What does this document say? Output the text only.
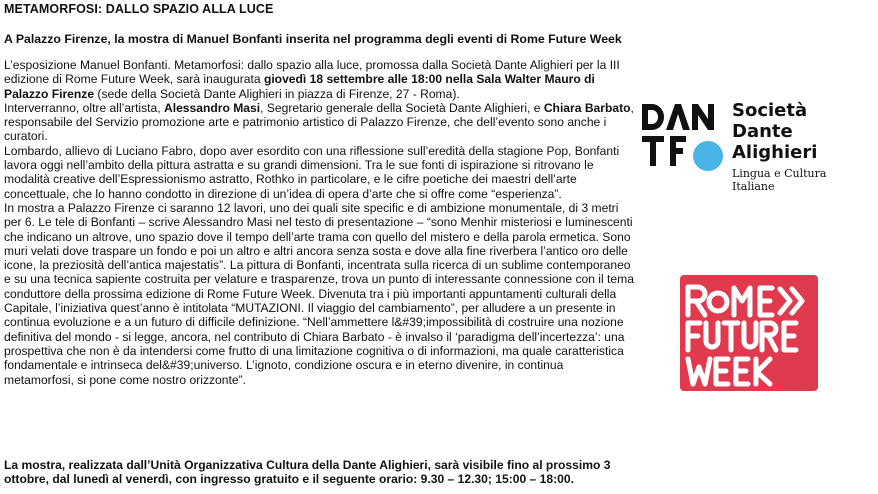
METAMORFOSI: DALLO SPAZIO ALLA LUCE
A Palazzo Firenze, la mostra di Manuel Bonfanti inserita nel programma degli eventi di Rome Future Week

L’esposizione Manuel Bonfanti. Metamorfosi: dallo spazio alla luce, promossa dalla Società Dante Alighieri per la III edizione di Rome Future Week, sarà inaugurata giovedì 18 settembre alle 18:00 nella Sala Walter Mauro di Palazzo Firenze (sede della Società Dante Alighieri in piazza di Firenze, 27 - Roma).

Interverranno, oltre all’artista, Alessandro Masi, Segretario generale della Società Dante Alighieri, e Chiara Barbato, responsabile del Servizio promozione arte e patrimonio artistico di Palazzo Firenze, che dell’evento sono anche i curatori.

Lombardo, allievo di Luciano Fabro, dopo aver esordito con una riflessione sull’eredità della stagione Pop, Bonfanti lavora oggi nell’ambito della pittura astratta e su grandi dimensioni. Tra le sue fonti di ispirazione si ritrovano le modalità creative dell’Espressionismo astratto, Rothko in particolare, e le cifre poetiche dei maestri dell’arte concettuale, che lo hanno condotto in direzione di un’idea di opera d’arte che si offre come “esperienza”.

In mostra a Palazzo Firenze ci saranno 12 lavori, uno dei quali site specific e di ambizione monumentale, di 3 metri per 6. Le tele di Bonfanti – scrive Alessandro Masi nel testo di presentazione – “sono Menhir misteriosi e luminescenti che indicano un altrove, uno spazio dove il tempo dell’arte trama con quello del mistero e della parola ermetica. Sono muri velati dove traspare un fondo e poi un altro e altri ancora senza sosta e dove alla fine riverbera l’antico oro delle icone, la preziosità dell’antica majestatis”. La pittura di Bonfanti, incentrata sulla ricerca di un sublime contemporaneo e su una tecnica sapiente costruita per velature e trasparenze, trova un punto di interessante connessione con il tema conduttore della prossima edizione di Rome Future Week. Divenuta tra i più importanti appuntamenti culturali della Capitale, l’iniziativa quest’anno è intitolata “MUTAZIONI. Il viaggio del cambiamento”, per alludere a un presente in continua evoluzione e a un futuro di difficile definizione. “Nell’ammettere l&#39;impossibilità di costruire una nozione definitiva del mondo - si legge, ancora, nel contributo di Chiara Barbato - è invalso il ‘paradigma dell’incertezza’: una prospettiva che non è da intendersi come frutto di una limitazione cognitiva o di informazioni, ma quale caratteristica fondamentale e intrinseca del&#39;universo. L’ignoto, condizione oscura e in eterno divenire, in continua metamorfosi, si pone come nostro orizzonte”.

La mostra, realizzata dall’Unità Organizzativa Cultura della Dante Alighieri, sarà visibile fino al prossimo 3 ottobre, dal lunedì al venerdì, con ingresso gratuito e il seguente orario: 9.30 – 12.30; 15:00 – 18:00.

Società
Dante Alighieri
Lingua e Cultura Italiane
